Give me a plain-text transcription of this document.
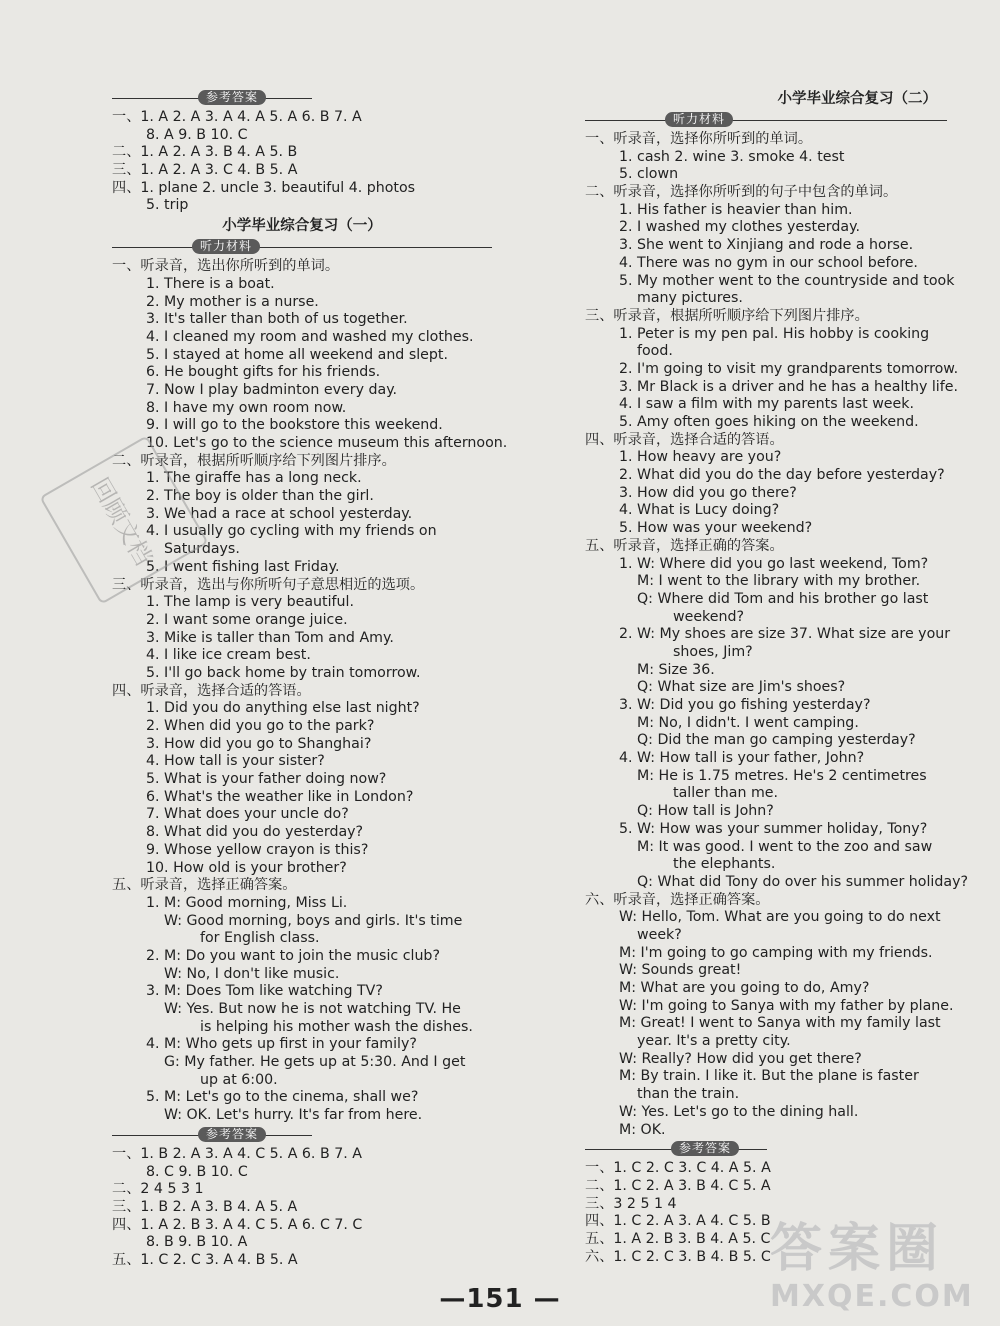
参考答案
一、1. A 2. A 3. A 4. A 5. A 6. B 7. A
8. A 9. B 10. C
二、1. A 2. A 3. B 4. A 5. B
三、1. A 2. A 3. C 4. B 5. A
四、1. plane 2. uncle 3. beautiful 4. photos
5. trip
小学毕业综合复习（一）
听力材料
一、听录音，选出你所听到的单词。
1. There is a boat.
2. My mother is a nurse.
3. It's taller than both of us together.
4. I cleaned my room and washed my clothes.
5. I stayed at home all weekend and slept.
6. He bought gifts for his friends.
7. Now I play badminton every day.
8. I have my own room now.
9. I will go to the bookstore this weekend.
10. Let's go to the science museum this afternoon.
二、听录音，根据所听顺序给下列图片排序。
1. The giraffe has a long neck.
2. The boy is older than the girl.
3. We had a race at school yesterday.
4. I usually go cycling with my friends on
Saturdays.
5. I went fishing last Friday.
三、听录音，选出与你所听句子意思相近的选项。
1. The lamp is very beautiful.
2. I want some orange juice.
3. Mike is taller than Tom and Amy.
4. I like ice cream best.
5. I'll go back home by train tomorrow.
四、听录音，选择合适的答语。
1. Did you do anything else last night?
2. When did you go to the park?
3. How did you go to Shanghai?
4. How tall is your sister?
5. What is your father doing now?
6. What's the weather like in London?
7. What does your uncle do?
8. What did you do yesterday?
9. Whose yellow crayon is this?
10. How old is your brother?
五、听录音，选择正确答案。
1. M: Good morning, Miss Li.
W: Good morning, boys and girls. It's time
for English class.
2. M: Do you want to join the music club?
W: No, I don't like music.
3. M: Does Tom like watching TV?
W: Yes. But now he is not watching TV. He
is helping his mother wash the dishes.
4. M: Who gets up first in your family?
G: My father. He gets up at 5:30. And I get
up at 6:00.
5. M: Let's go to the cinema, shall we?
W: OK. Let's hurry. It's far from here.
参考答案
一、1. B 2. A 3. A 4. C 5. A 6. B 7. A
8. C 9. B 10. C
二、2 4 5 3 1
三、1. B 2. A 3. B 4. A 5. A
四、1. A 2. B 3. A 4. C 5. A 6. C 7. C
8. B 9. B 10. A
五、1. C 2. C 3. A 4. B 5. A
小学毕业综合复习（二）
听力材料
一、听录音，选择你所听到的单词。
1. cash 2. wine 3. smoke 4. test
5. clown
二、听录音，选择你所听到的句子中包含的单词。
1. His father is heavier than him.
2. I washed my clothes yesterday.
3. She went to Xinjiang and rode a horse.
4. There was no gym in our school before.
5. My mother went to the countryside and took
many pictures.
三、听录音，根据所听顺序给下列图片排序。
1. Peter is my pen pal. His hobby is cooking
food.
2. I'm going to visit my grandparents tomorrow.
3. Mr Black is a driver and he has a healthy life.
4. I saw a film with my parents last week.
5. Amy often goes hiking on the weekend.
四、听录音，选择合适的答语。
1. How heavy are you?
2. What did you do the day before yesterday?
3. How did you go there?
4. What is Lucy doing?
5. How was your weekend?
五、听录音，选择正确的答案。
1. W: Where did you go last weekend, Tom?
M: I went to the library with my brother.
Q: Where did Tom and his brother go last
weekend?
2. W: My shoes are size 37. What size are your
shoes, Jim?
M: Size 36.
Q: What size are Jim's shoes?
3. W: Did you go fishing yesterday?
M: No, I didn't. I went camping.
Q: Did the man go camping yesterday?
4. W: How tall is your father, John?
M: He is 1.75 metres. He's 2 centimetres
taller than me.
Q: How tall is John?
5. W: How was your summer holiday, Tony?
M: It was good. I went to the zoo and saw
the elephants.
Q: What did Tony do over his summer holiday?
六、听录音，选择正确答案。
W: Hello, Tom. What are you going to do next
week?
M: I'm going to go camping with my friends.
W: Sounds great!
M: What are you going to do, Amy?
W: I'm going to Sanya with my father by plane.
M: Great! I went to Sanya with my family last
year. It's a pretty city.
W: Really? How did you get there?
M: By train. I like it. But the plane is faster
than the train.
W: Yes. Let's go to the dining hall.
M: OK.
参考答案
一、1. C 2. C 3. C 4. A 5. A
二、1. C 2. A 3. B 4. C 5. A
三、3 2 5 1 4
四、1. C 2. A 3. A 4. C 5. B
五、1. A 2. B 3. B 4. A 5. C
六、1. C 2. C 3. B 4. B 5. C
回顾文档
—151 —
答案圈
MXQE.COM
